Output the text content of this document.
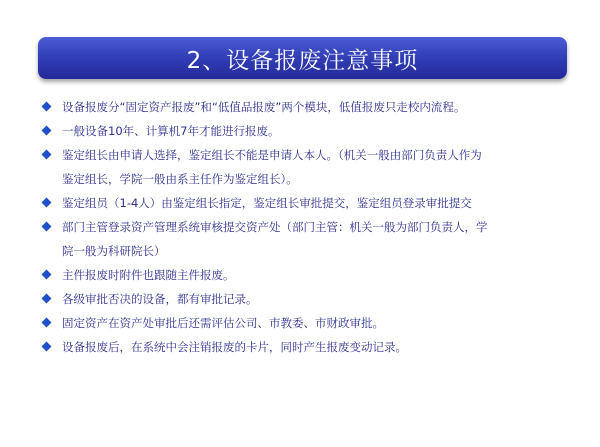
2、设备报废注意事项
设备报废分“固定资产报废”和“低值品报废”两个模块，低值报废只走校内流程。
一般设备10年、计算机7年才能进行报废。
鉴定组长由申请人选择，鉴定组长不能是申请人本人。（机关一般由部门负责人作为
鉴定组长，学院一般由系主任作为鉴定组长）。
鉴定组员（1-4人）由鉴定组长指定，鉴定组长审批提交，鉴定组员登录审批提交
部门主管登录资产管理系统审核提交资产处（部门主管：机关一般为部门负责人，学
院一般为科研院长）
主件报废时附件也跟随主件报废。
各级审批否决的设备，都有审批记录。
固定资产在资产处审批后还需评估公司、市教委、市财政审批。
设备报废后，在系统中会注销报废的卡片，同时产生报废变动记录。
